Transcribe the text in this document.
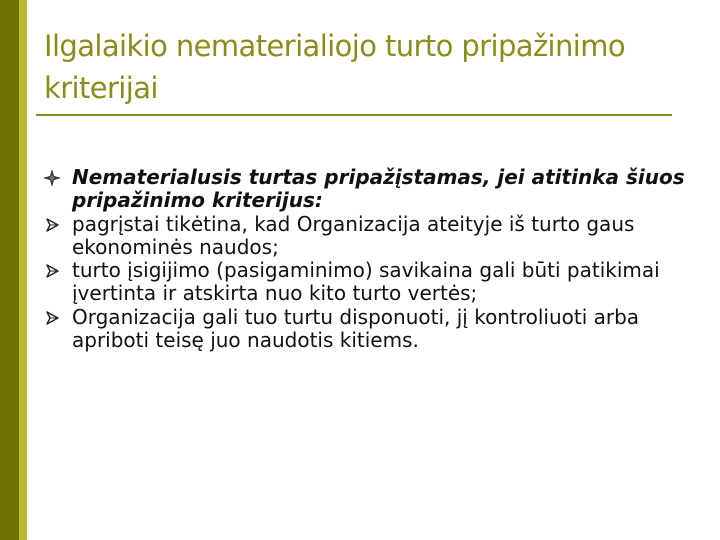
Ilgalaikio nematerialiojo turto pripažinimo kriterijai
Nematerialusis turtas pripažįstamas, jei atitinka šiuos pripažinimo kriterijus:
pagrįstai tikėtina, kad Organizacija ateityje iš turto gaus ekonominės naudos;
turto įsigijimo (pasigaminimo) savikaina gali būti patikimai įvertinta ir atskirta nuo kito turto vertės;
Organizacija gali tuo turtu disponuoti, jį kontroliuoti arba apriboti teisę juo naudotis kitiems.
